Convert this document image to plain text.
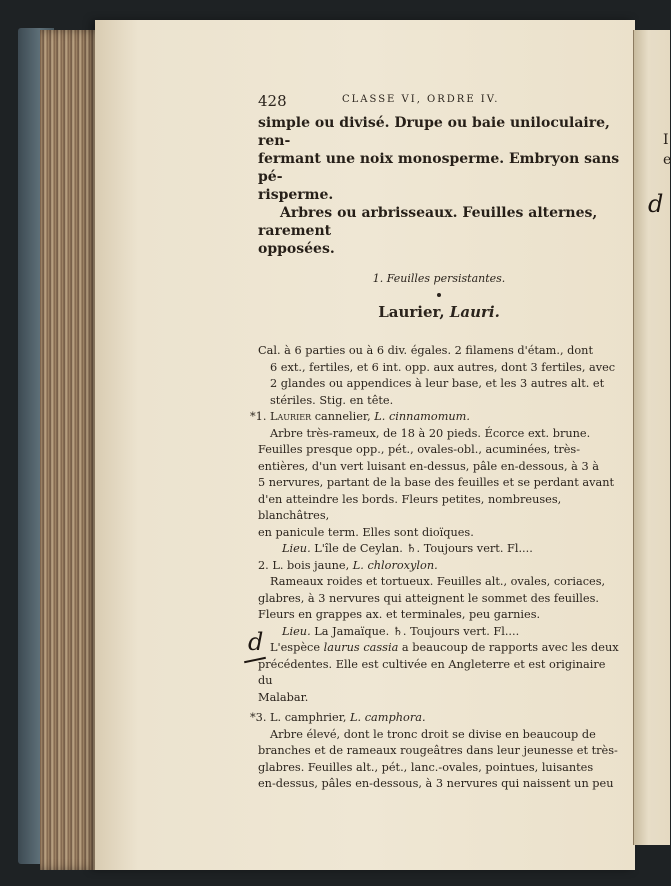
I
e
d
d
428	CLASSE VI, ORDRE IV.

simple ou divisé. Drupe ou baie uniloculaire, ren-

fermant une noix monosperme. Embryon sans pé-

risperme.

Arbres ou arbrisseaux. Feuilles alternes, rarement

opposées.

1. Feuilles persistantes.

Laurier, Lauri.

Cal. à 6 parties ou à 6 div. égales. 2 filamens d'étam., dont

6 ext., fertiles, et 6 int. opp. aux autres, dont 3 fertiles, avec

2 glandes ou appendices à leur base, et les 3 autres alt. et

stériles. Stig. en tête.

*1. Laurier cannelier, L. cinnamomum.

Arbre très-rameux, de 18 à 20 pieds. Écorce ext. brune.

Feuilles presque opp., pét., ovales-obl., acuminées, très-

entières, d'un vert luisant en-dessus, pâle en-dessous, à 3 à

5 nervures, partant de la base des feuilles et se perdant avant

d'en atteindre les bords. Fleurs petites, nombreuses, blanchâtres,

en panicule term. Elles sont dioïques.

Lieu. L'île de Ceylan. ♄. Toujours vert. Fl....

2. L. bois jaune, L. chloroxylon.

Rameaux roides et tortueux. Feuilles alt., ovales, coriaces,

glabres, à 3 nervures qui atteignent le sommet des feuilles.

Fleurs en grappes ax. et terminales, peu garnies.

Lieu. La Jamaïque. ♄. Toujours vert. Fl....

L'espèce laurus cassia a beaucoup de rapports avec les deux

précédentes. Elle est cultivée en Angleterre et est originaire du

Malabar.

*3. L. camphrier, L. camphora.

Arbre élevé, dont le tronc droit se divise en beaucoup de

branches et de rameaux rougeâtres dans leur jeunesse et très-

glabres. Feuilles alt., pét., lanc.-ovales, pointues, luisantes

en-dessus, pâles en-dessous, à 3 nervures qui naissent un peu
